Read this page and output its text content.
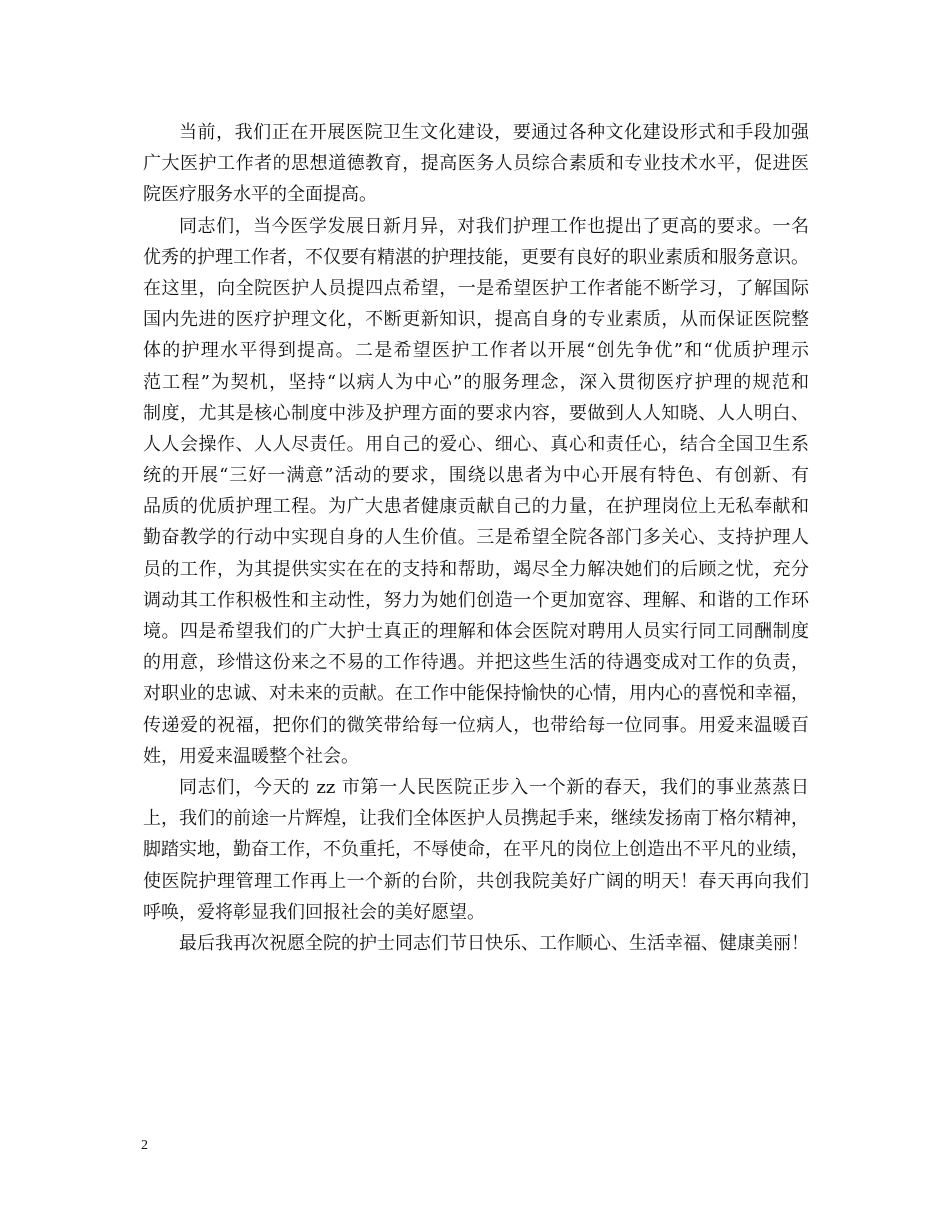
当前，我们正在开展医院卫生文化建设，要通过各种文化建设形式和手段加强
广大医护工作者的思想道德教育，提高医务人员综合素质和专业技术水平，促进医
院医疗服务水平的全面提高。
同志们，当今医学发展日新月异，对我们护理工作也提出了更高的要求。一名
优秀的护理工作者，不仅要有精湛的护理技能，更要有良好的职业素质和服务意识。
在这里，向全院医护人员提四点希望，一是希望医护工作者能不断学习，了解国际
国内先进的医疗护理文化，不断更新知识，提高自身的专业素质，从而保证医院整
体的护理水平得到提高。二是希望医护工作者以开展“创先争优”和“优质护理示
范工程”为契机，坚持“以病人为中心”的服务理念，深入贯彻医疗护理的规范和
制度，尤其是核心制度中涉及护理方面的要求内容，要做到人人知晓、人人明白、
人人会操作、人人尽责任。用自己的爱心、细心、真心和责任心，结合全国卫生系
统的开展“三好一满意”活动的要求，围绕以患者为中心开展有特色、有创新、有
品质的优质护理工程。为广大患者健康贡献自己的力量，在护理岗位上无私奉献和
勤奋教学的行动中实现自身的人生价值。三是希望全院各部门多关心、支持护理人
员的工作，为其提供实实在在的支持和帮助，竭尽全力解决她们的后顾之忧，充分
调动其工作积极性和主动性，努力为她们创造一个更加宽容、理解、和谐的工作环
境。四是希望我们的广大护士真正的理解和体会医院对聘用人员实行同工同酬制度
的用意，珍惜这份来之不易的工作待遇。并把这些生活的待遇变成对工作的负责，
对职业的忠诚、对未来的贡献。在工作中能保持愉快的心情，用内心的喜悦和幸福，
传递爱的祝福，把你们的微笑带给每一位病人，也带给每一位同事。用爱来温暖百
姓，用爱来温暖整个社会。
同志们，今天的 zz 市第一人民医院正步入一个新的春天，我们的事业蒸蒸日
上，我们的前途一片辉煌，让我们全体医护人员携起手来，继续发扬南丁格尔精神，
脚踏实地，勤奋工作，不负重托，不辱使命，在平凡的岗位上创造出不平凡的业绩，
使医院护理管理工作再上一个新的台阶，共创我院美好广阔的明天！春天再向我们
呼唤，爱将彰显我们回报社会的美好愿望。
最后我再次祝愿全院的护士同志们节日快乐、工作顺心、生活幸福、健康美丽！
2
